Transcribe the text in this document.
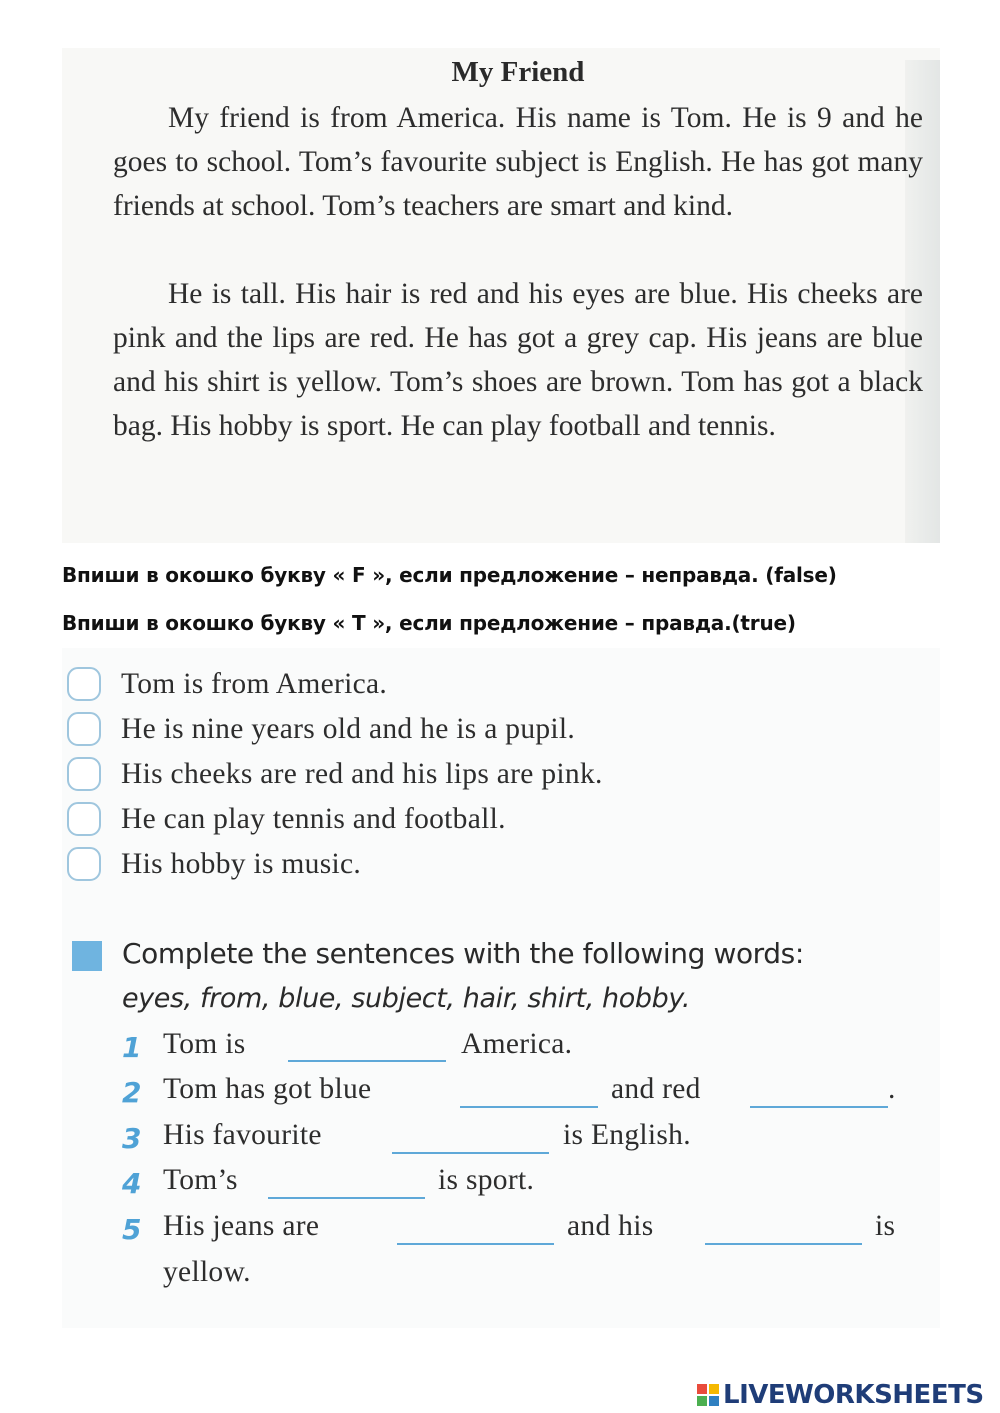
My Friend

My friend is from America. His name is Tom. He is 9 and he goes to school. Tom’s favourite subject is English. He has got many friends at school. Tom’s teachers are smart and kind.

He is tall. His hair is red and his eyes are blue. His cheeks are pink and the lips are red. He has got a grey cap. His jeans are blue and his shirt is yellow. Tom’s shoes are brown. Tom has got a black bag. His hobby is sport. He can play football and tennis.

Впиши в окошко букву « F », если предложение – неправда. (false)
Впиши в окошко букву « T », если предложение – правда.(true)
Tom is from America.
He is nine years old and he is a pupil.
His cheeks are red and his lips are pink.
He can play tennis and football.
His hobby is music.
Complete the sentences with the following words:
eyes, from, blue, subject, hair, shirt, hobby.
1 Tom is	America.
2 Tom has got blue	and red	.
3 His favourite	is English.
4 Tom’s	is sport.
5 His jeans are	and his	is
yellow.
LIVEWORKSHEETS
